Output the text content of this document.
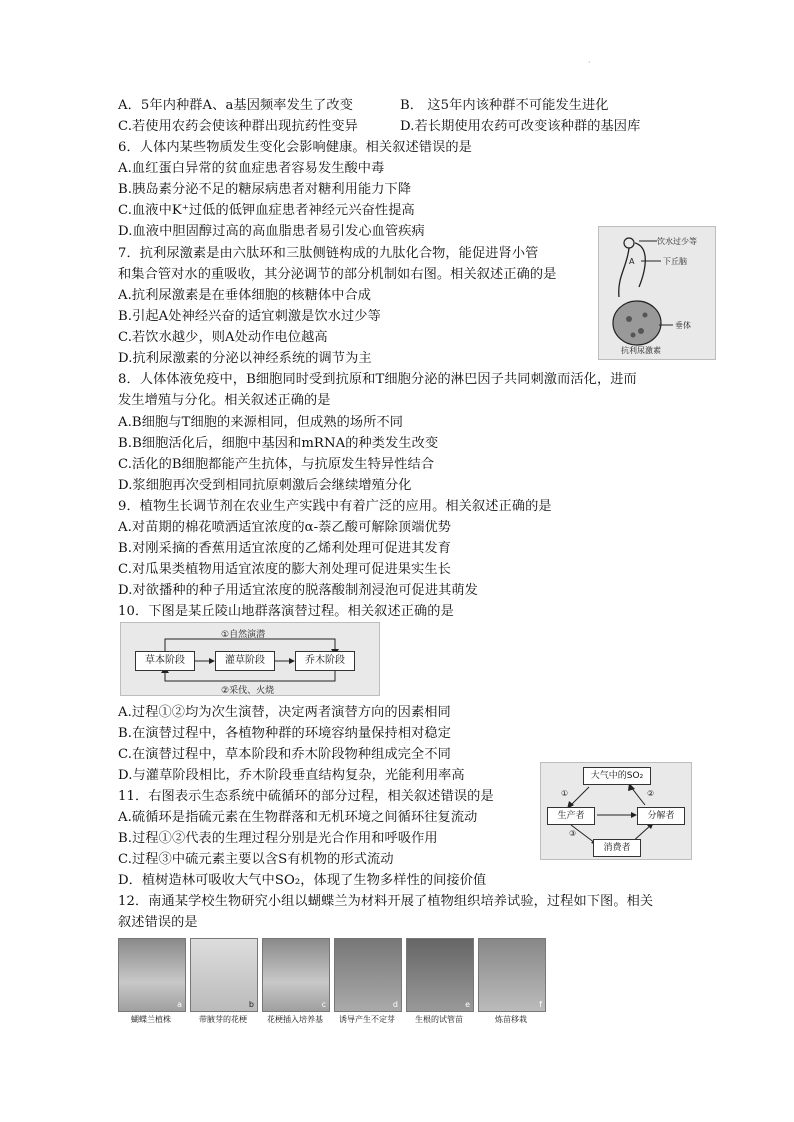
·
A．5年内种群A、a基因频率发生了改变	B． 这5年内该种群不可能发生进化
C.若使用农药会使该种群出现抗药性变异	D.若长期使用农药可改变该种群的基因库
6．人体内某些物质发生变化会影响健康。相关叙述错误的是
A.血红蛋白异常的贫血症患者容易发生酸中毒
B.胰岛素分泌不足的糖尿病患者对糖利用能力下降
C.血液中K⁺过低的低钾血症患者神经元兴奋性提高
D.血液中胆固醇过高的高血脂患者易引发心血管疾病
7．抗利尿激素是由六肽环和三肽侧链构成的九肽化合物，能促进肾小管
和集合管对水的重吸收，其分泌调节的部分机制如右图。相关叙述正确的是
A.抗利尿激素是在垂体细胞的核糖体中合成
B.引起A处神经兴奋的适宜刺激是饮水过少等
C.若饮水越少，则A处动作电位越高
D.抗利尿激素的分泌以神经系统的调节为主
8．人体体液免疫中，B细胞同时受到抗原和T细胞分泌的淋巴因子共同刺激而活化，进而
发生增殖与分化。相关叙述正确的是
A.B细胞与T细胞的来源相同，但成熟的场所不同
B.B细胞活化后，细胞中基因和mRNA的种类发生改变
C.活化的B细胞都能产生抗体，与抗原发生特异性结合
D.浆细胞再次受到相同抗原刺激后会继续增殖分化
9．植物生长调节剂在农业生产实践中有着广泛的应用。相关叙述正确的是
A.对苗期的棉花喷洒适宜浓度的α-萘乙酸可解除顶端优势
B.对刚采摘的香蕉用适宜浓度的乙烯利处理可促进其发育
C.对瓜果类植物用适宜浓度的膨大剂处理可促进果实生长
D.对欲播种的种子用适宜浓度的脱落酸制剂浸泡可促进其萌发
10．下图是某丘陵山地群落演替过程。相关叙述正确的是
饮水过少等
A	下丘脑
垂体
抗利尿激素
①自然演潜
草本阶段	灌草阶段	乔木阶段
②采伐、火烧
A.过程①②均为次生演替，决定两者演替方向的因素相同
B.在演替过程中，各植物种群的环境容纳量保持相对稳定
C.在演替过程中，草本阶段和乔木阶段物种组成完全不同
D.与灌草阶段相比，乔木阶段垂直结构复杂，光能利用率高
11．右图表示生态系统中硫循环的部分过程，相关叙述错误的是
A.硫循环是指硫元素在生物群落和无机环境之间循环往复流动
B.过程①②代表的生理过程分别是光合作用和呼吸作用
C.过程③中硫元素主要以含S有机物的形式流动
D．植树造林可吸收大气中SO₂，体现了生物多样性的间接价值
12．南通某学校生物研究小组以蝴蝶兰为材料开展了植物组织培养试验，过程如下图。相关
叙述错误的是
大气中的SO₂
生产者	分解者
消费者
①	②
③
a	b	c	d	e	f
蝴蝶兰植株	带腋芽的花梗	花梗插入培养基	诱导产生不定芽	生根的试管苗	炼苗移栽
